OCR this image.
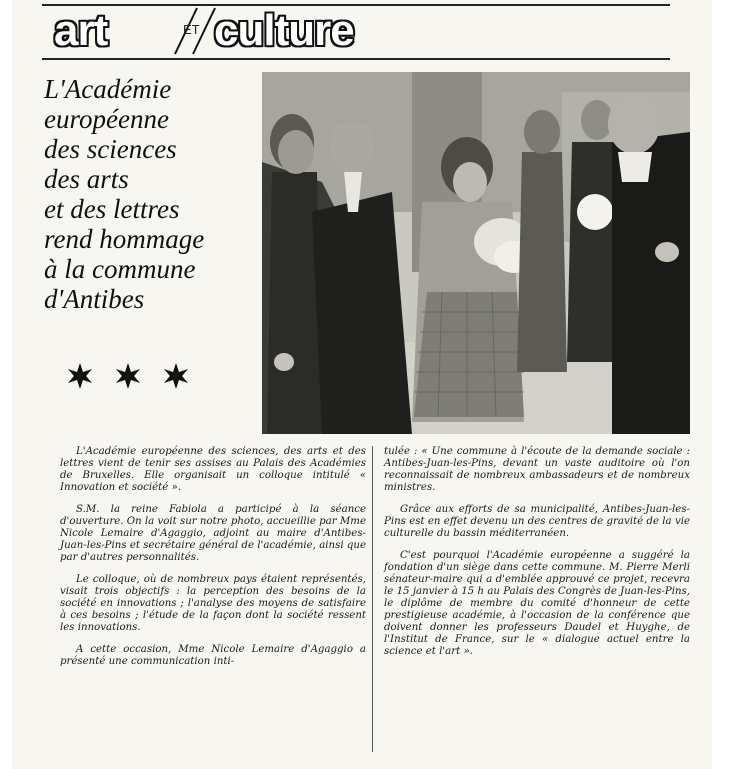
art	ET culture
L'Académie
européenne
des sciences
des arts
et des lettres
rend hommage
à la commune
d'Antibes

L'Académie européenne des sciences, des arts et des lettres vient de tenir ses assises au Palais des Académies de Bruxelles. Elle organisait un colloque intitulé « Innovation et société ».

S.M. la reine Fabiola a participé à la séance d'ouverture. On la voit sur notre photo, accueillie par Mme Nicole Lemaire d'Agaggio, adjoint au maire d'Antibes-Juan-les-Pins et secrétaire général de l'académie, ainsi que par d'autres personnalités.

Le colloque, où de nombreux pays étaient représentés, visait trois objectifs : la perception des besoins de la société en innovations ; l'analyse des moyens de satisfaire à ces besoins ; l'étude de la façon dont la société ressent les innovations.

A cette occasion, Mme Nicole Lemaire d'Agaggio a présenté une communication inti-

tulée : « Une commune à l'écoute de la demande sociale : Antibes-Juan-les-Pins, devant un vaste auditoire où l'on reconnaissait de nombreux ambassadeurs et de nombreux ministres.

Grâce aux efforts de sa municipalité, Antibes-Juan-les-Pins est en effet devenu un des centres de gravité de la vie culturelle du bassin méditerranéen.

C'est pourquoi l'Académie européenne a suggéré la fondation d'un siège dans cette commune. M. Pierre Merli sénateur-maire qui a d'emblée approuvé ce projet, recevra le 15 janvier à 15 h au Palais des Congrès de Juan-les-Pins, le diplôme de membre du comité d'honneur de cette prestigieuse académie, à l'occasion de la conférence que doivent donner les professeurs Daudel et Huyghe, de l'Institut de France, sur le « dialogue actuel entre la science et l'art ».
